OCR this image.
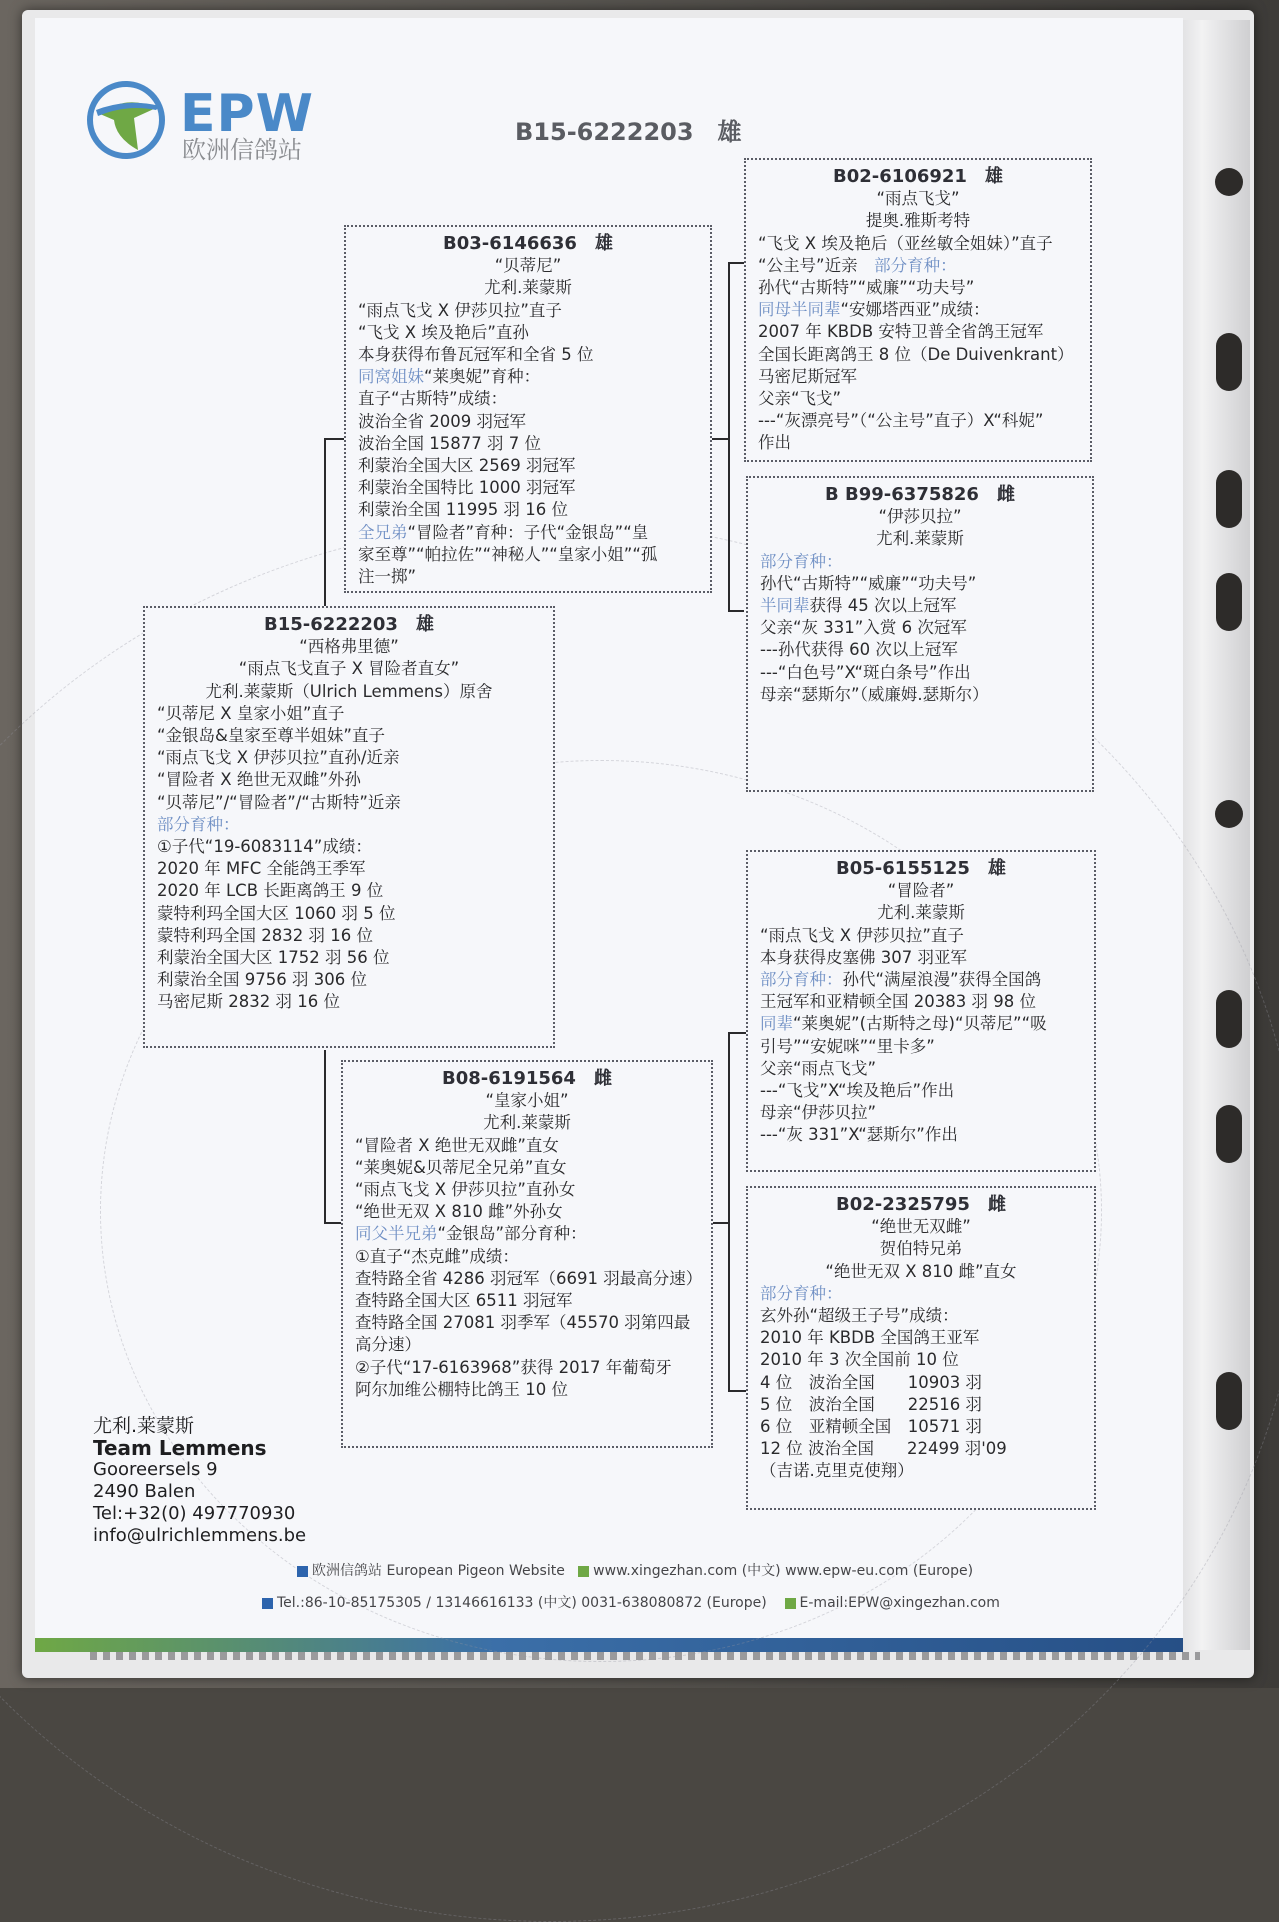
EPW
欧洲信鸽站
B15-6222203　雄
B03-6146636　雄
“贝蒂尼”
尤利.莱蒙斯
“雨点飞戈 X 伊莎贝拉”直子
“飞戈 X 埃及艳后”直孙
本身获得布鲁瓦冠军和全省 5 位
同窝姐妹“莱奥妮”育种：
直子“古斯特”成绩：
波治全省 2009 羽冠军
波治全国 15877 羽 7 位
利蒙治全国大区 2569 羽冠军
利蒙治全国特比 1000 羽冠军
利蒙治全国 11995 羽 16 位
全兄弟“冒险者”育种：子代“金银岛”“皇
家至尊”“帕拉佐”“神秘人”“皇家小姐”“孤
注一掷”
B15-6222203　雄
“西格弗里德”
“雨点飞戈直子 X 冒险者直女”
尤利.莱蒙斯（Ulrich Lemmens）原舍
“贝蒂尼 X 皇家小姐”直子
“金银岛&皇家至尊半姐妹”直子
“雨点飞戈 X 伊莎贝拉”直孙/近亲
“冒险者 X 绝世无双雌”外孙
“贝蒂尼”/“冒险者”/“古斯特”近亲
部分育种：
①子代“19-6083114”成绩：
2020 年 MFC 全能鸽王季军
2020 年 LCB 长距离鸽王 9 位
蒙特利玛全国大区 1060 羽 5 位
蒙特利玛全国 2832 羽 16 位
利蒙治全国大区 1752 羽 56 位
利蒙治全国 9756 羽 306 位
马密尼斯 2832 羽 16 位
B08-6191564　雌
“皇家小姐”
尤利.莱蒙斯
“冒险者 X 绝世无双雌”直女
“莱奥妮&贝蒂尼全兄弟”直女
“雨点飞戈 X 伊莎贝拉”直孙女
“绝世无双 X 810 雌”外孙女
同父半兄弟“金银岛”部分育种：
①直子“杰克雌”成绩：
查特路全省 4286 羽冠军（6691 羽最高分速）
查特路全国大区 6511 羽冠军
查特路全国 27081 羽季军（45570 羽第四最
高分速）
②子代“17-6163968”获得 2017 年葡萄牙
阿尔加维公棚特比鸽王 10 位
B02-6106921　雄
“雨点飞戈”
提奥.雅斯考特
“飞戈 X 埃及艳后（亚丝敏全姐妹）”直子
“公主号”近亲　部分育种：
孙代“古斯特”“威廉”“功夫号”
同母半同辈“安娜塔西亚”成绩：
2007 年 KBDB 安特卫普全省鸽王冠军
全国长距离鸽王 8 位（De Duivenkrant）
马密尼斯冠军
父亲“飞戈”
---“灰漂亮号”（“公主号”直子）X“科妮”
作出
B B99-6375826　雌
“伊莎贝拉”
尤利.莱蒙斯
部分育种：
孙代“古斯特”“威廉”“功夫号”
半同辈获得 45 次以上冠军
父亲“灰 331”入赏 6 次冠军
---孙代获得 60 次以上冠军
---“白色号”X“斑白条号”作出
母亲“瑟斯尔”（威廉姆.瑟斯尔）
B05-6155125　雄
“冒险者”
尤利.莱蒙斯
“雨点飞戈 X 伊莎贝拉”直子
本身获得皮塞佛 307 羽亚军
部分育种：孙代“满屋浪漫”获得全国鸽
王冠军和亚精顿全国 20383 羽 98 位
同辈“莱奥妮”(古斯特之母)“贝蒂尼”“吸
引号”“安妮咪”“里卡多”
父亲“雨点飞戈”
---“飞戈”X“埃及艳后”作出
母亲“伊莎贝拉”
---“灰 331”X“瑟斯尔”作出
B02-2325795　雌
“绝世无双雌”
贺伯特兄弟
“绝世无双 X 810 雌”直女
部分育种：
玄外孙“超级王子号”成绩：
2010 年 KBDB 全国鸽王亚军
2010 年 3 次全国前 10 位
4 位　波治全国　　10903 羽
5 位　波治全国　　22516 羽
6 位　亚精顿全国　10571 羽
12 位 波治全国　　22499 羽'09
（吉诺.克里克使翔）
尤利.莱蒙斯
Team Lemmens
Gooreersels 9
2490 Balen
Tel:+32(0) 497770930
info@ulrichlemmens.be
欧洲信鸽站 European Pigeon Website www.xingezhan.com (中文) www.epw-eu.com (Europe)
Tel.:86-10-85175305 / 13146616133 (中文) 0031-638080872 (Europe) E-mail:EPW@xingezhan.com
